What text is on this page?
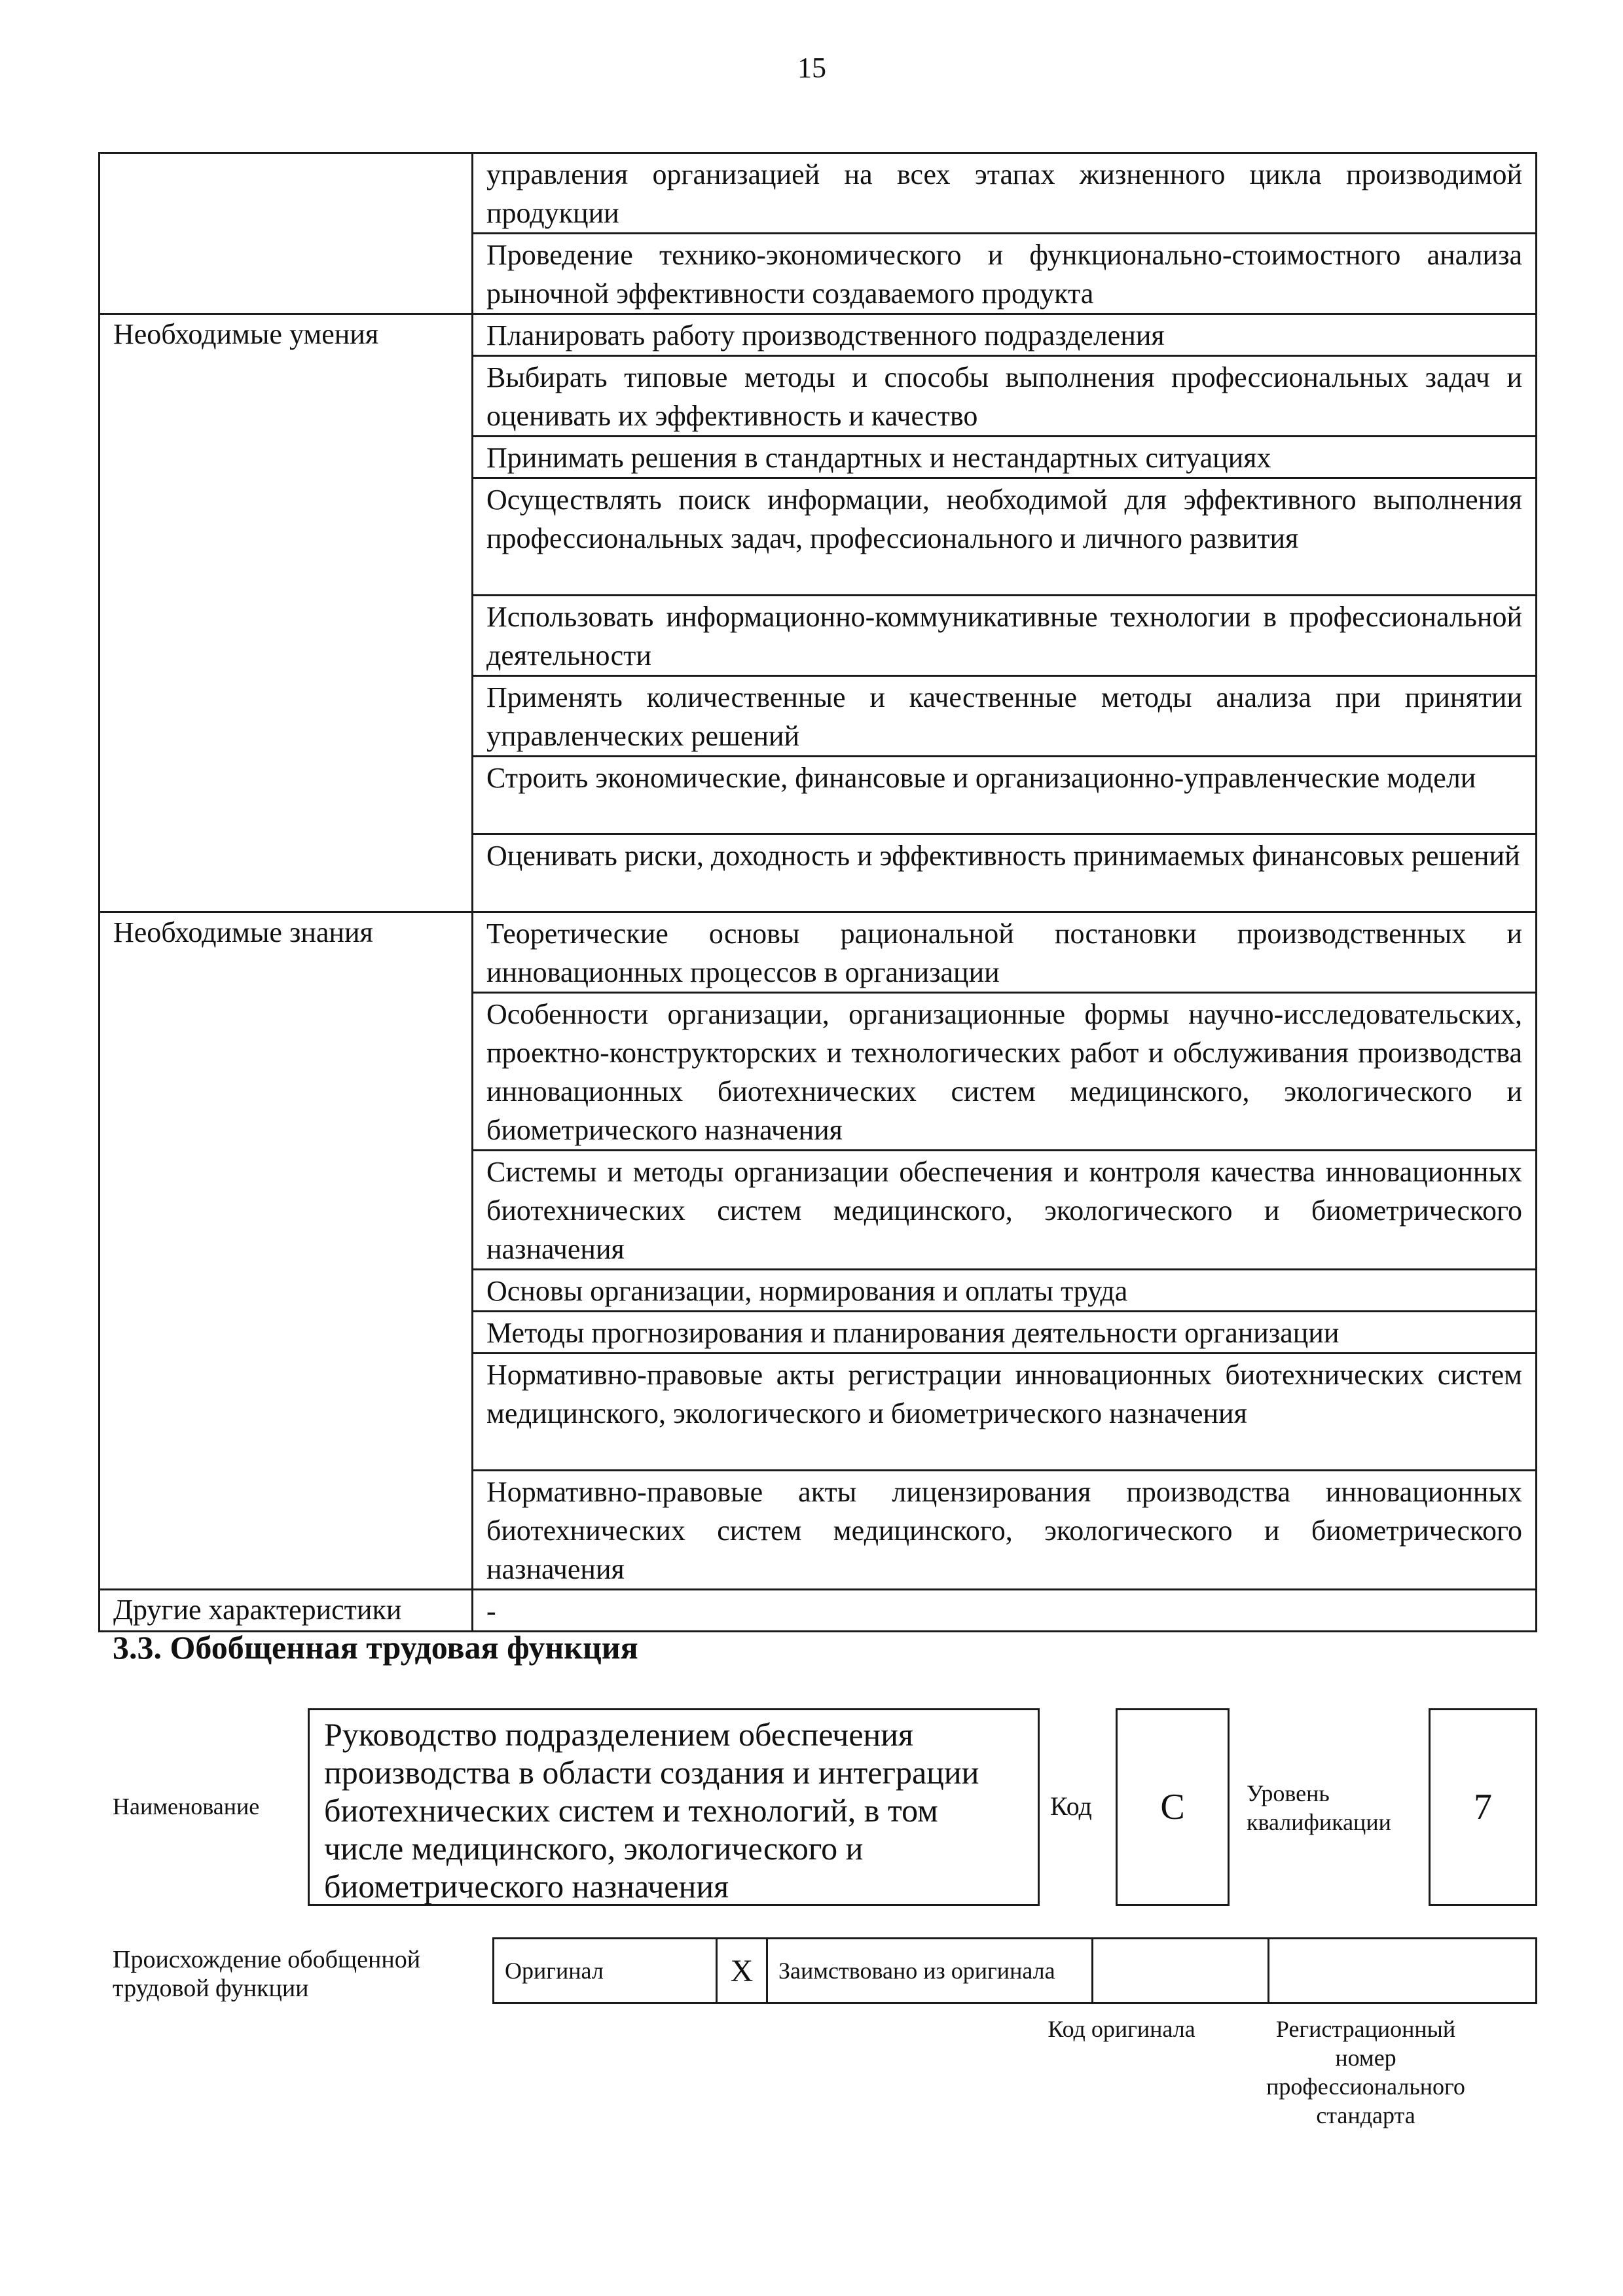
15
	управления организацией на всех этапах жизненного цикла производимой продукции
	Проведение технико-экономического и функционально-стоимостного анализа рыночной эффективности создаваемого продукта
Необходимые умения	Планировать работу производственного подразделения
	Выбирать типовые методы и способы выполнения профессиональных задач и оценивать их эффективность и качество
	Принимать решения в стандартных и нестандартных ситуациях
	Осуществлять поиск информации, необходимой для эффективного выполнения профессиональных задач, профессионального и личного развития
	Использовать информационно-коммуникативные технологии в профессиональной деятельности
	Применять количественные и качественные методы анализа при принятии управленческих решений
	Строить экономические, финансовые и организационно-управленческие модели
	Оценивать риски, доходность и эффективность принимаемых финансовых решений
Необходимые знания	Теоретические основы рациональной постановки производственных и инновационных процессов в организации
	Особенности организации, организационные формы научно-исследовательских, проектно-конструкторских и технологических работ и обслуживания производства инновационных биотехнических систем медицинского, экологического и биометрического назначения
	Системы и методы организации обеспечения и контроля качества инновационных биотехнических систем медицинского, экологического и биометрического назначения
	Основы организации, нормирования и оплаты труда
	Методы прогнозирования и планирования деятельности организации
	Нормативно-правовые акты регистрации инновационных биотехнических систем медицинского, экологического и биометрического назначения
	Нормативно-правовые акты лицензирования производства инновационных биотехнических систем медицинского, экологического и биометрического назначения
Другие характеристики	-
3.3. Обобщенная трудовая функция
Наименование
Руководство подразделением обеспечения производства в области создания и интеграции биотехнических систем и технологий, в том числе медицинского, экологического и биометрического назначения
Код	C	Уровень квалификации	7
Происхождение обобщенной трудовой функции
Оригинал	X	Заимствовано из оригинала		
Код оригинала	Регистрационный номер профессионального стандарта
